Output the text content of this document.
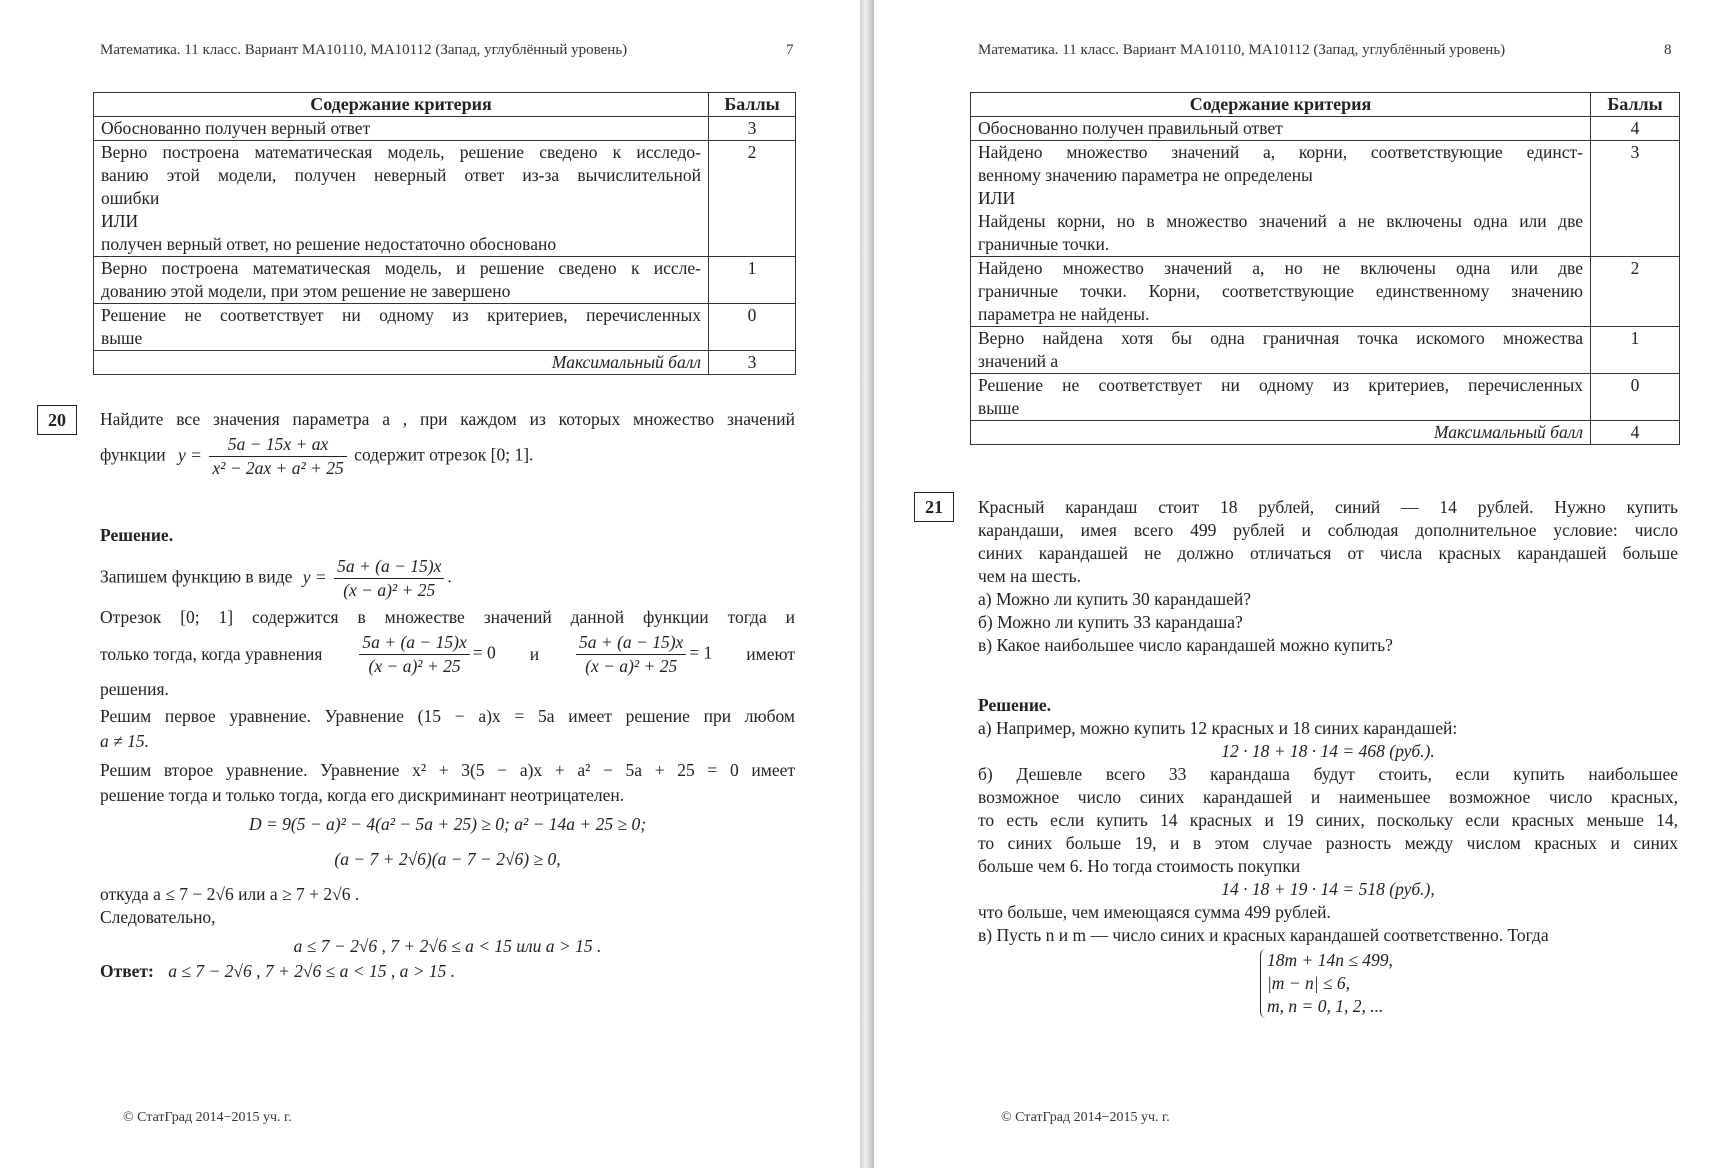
Математика. 11 класс. Вариант МА10110, МА10112 (Запад, углублённый уровень)	7
Содержание критерия	Баллы

Обоснованно получен верный ответ	3

Верно построена математическая модель, решение сведено к исследо-
ванию этой модели, получен неверный ответ из-за вычислительной
ошибки
ИЛИ
получен верный ответ, но решение недостаточно обосновано	2

Верно построена математическая модель, и решение сведено к иссле-
дованию этой модели, при этом решение не завершено	1

Решение не соответствует ни одному из критериев, перечисленных
выше	0
Максимальный балл	3
20	Найдите все значения параметра a , при каждом из которых множество значений
функции $y = \frac{5a - 15x + ax}{\text{x² − 2ax + a² + 25}}$ содержит отрезок [0; 1].
Решение.
Запишем функцию в виде $y = \frac{5a + (a - 15)x}{\text{(x − a)² + 25}}$ .
Отрезок [0; 1] содержится в множестве значений данной функции тогда и
только тогда, когда уравнения $\frac{5a + (a - 15)x}{\text{(x − a)² + 25}} = 0$ и $\frac{5a + (a - 15)x}{\text{(x − a)² + 25}} = 1$ имеют
решения.
Решим первое уравнение. Уравнение (15 − a)x = 5a имеет решение при любом
a ≠ 15.
Решим второе уравнение. Уравнение x² + 3(5 − a)x + a² − 5a + 25 = 0 имеет
решение тогда и только тогда, когда его дискриминант неотрицателен.
D = 9(5 − a)² − 4(a² − 5a + 25) ≥ 0; a² − 14a + 25 ≥ 0;
(a − 7 + 2√6)(a − 7 − 2√6) ≥ 0,
откуда a ≤ 7 − 2√6 или a ≥ 7 + 2√6 .
Следовательно,
a ≤ 7 − 2√6 , 7 + 2√6 ≤ a < 15 или a > 15 .
Ответ: a ≤ 7 − 2√6 , 7 + 2√6 ≤ a < 15 , a > 15 .
© СтатГрад 2014−2015 уч. г.
Математика. 11 класс. Вариант МА10110, МА10112 (Запад, углублённый уровень)	8
Содержание критерия	Баллы

Обоснованно получен правильный ответ	4

Найдено множество значений a, корни, соответствующие единст-
венному значению параметра не определены
ИЛИ
Найдены корни, но в множество значений a не включены одна или две
граничные точки.	3

Найдено множество значений a, но не включены одна или две
граничные точки. Корни, соответствующие единственному значению
параметра не найдены.	2

Верно найдена хотя бы одна граничная точка искомого множества
значений a	1

Решение не соответствует ни одному из критериев, перечисленных
выше	0
Максимальный балл	4
21	Красный карандаш стоит 18 рублей, синий — 14 рублей. Нужно купить
карандаши, имея всего 499 рублей и соблюдая дополнительное условие: число
синих карандашей не должно отличаться от числа красных карандашей больше
чем на шесть.
а) Можно ли купить 30 карандашей?
б) Можно ли купить 33 карандаша?
в) Какое наибольшее число карандашей можно купить?
Решение.
а) Например, можно купить 12 красных и 18 синих карандашей:
12 · 18 + 18 · 14 = 468 (руб.).
б) Дешевле всего 33 карандаша будут стоить, если купить наибольшее
возможное число синих карандашей и наименьшее возможное число красных,
то есть если купить 14 красных и 19 синих, поскольку если красных меньше 14,
то синих больше 19, и в этом случае разность между числом красных и синих
больше чем 6. Но тогда стоимость покупки
14 · 18 + 19 · 14 = 518 (руб.),
что больше, чем имеющаяся сумма 499 рублей.
в) Пусть n и m — число синих и красных карандашей соответственно. Тогда
18m + 14n ≤ 499,
|m − n| ≤ 6,
m, n = 0, 1, 2, ...
© СтатГрад 2014−2015 уч. г.
